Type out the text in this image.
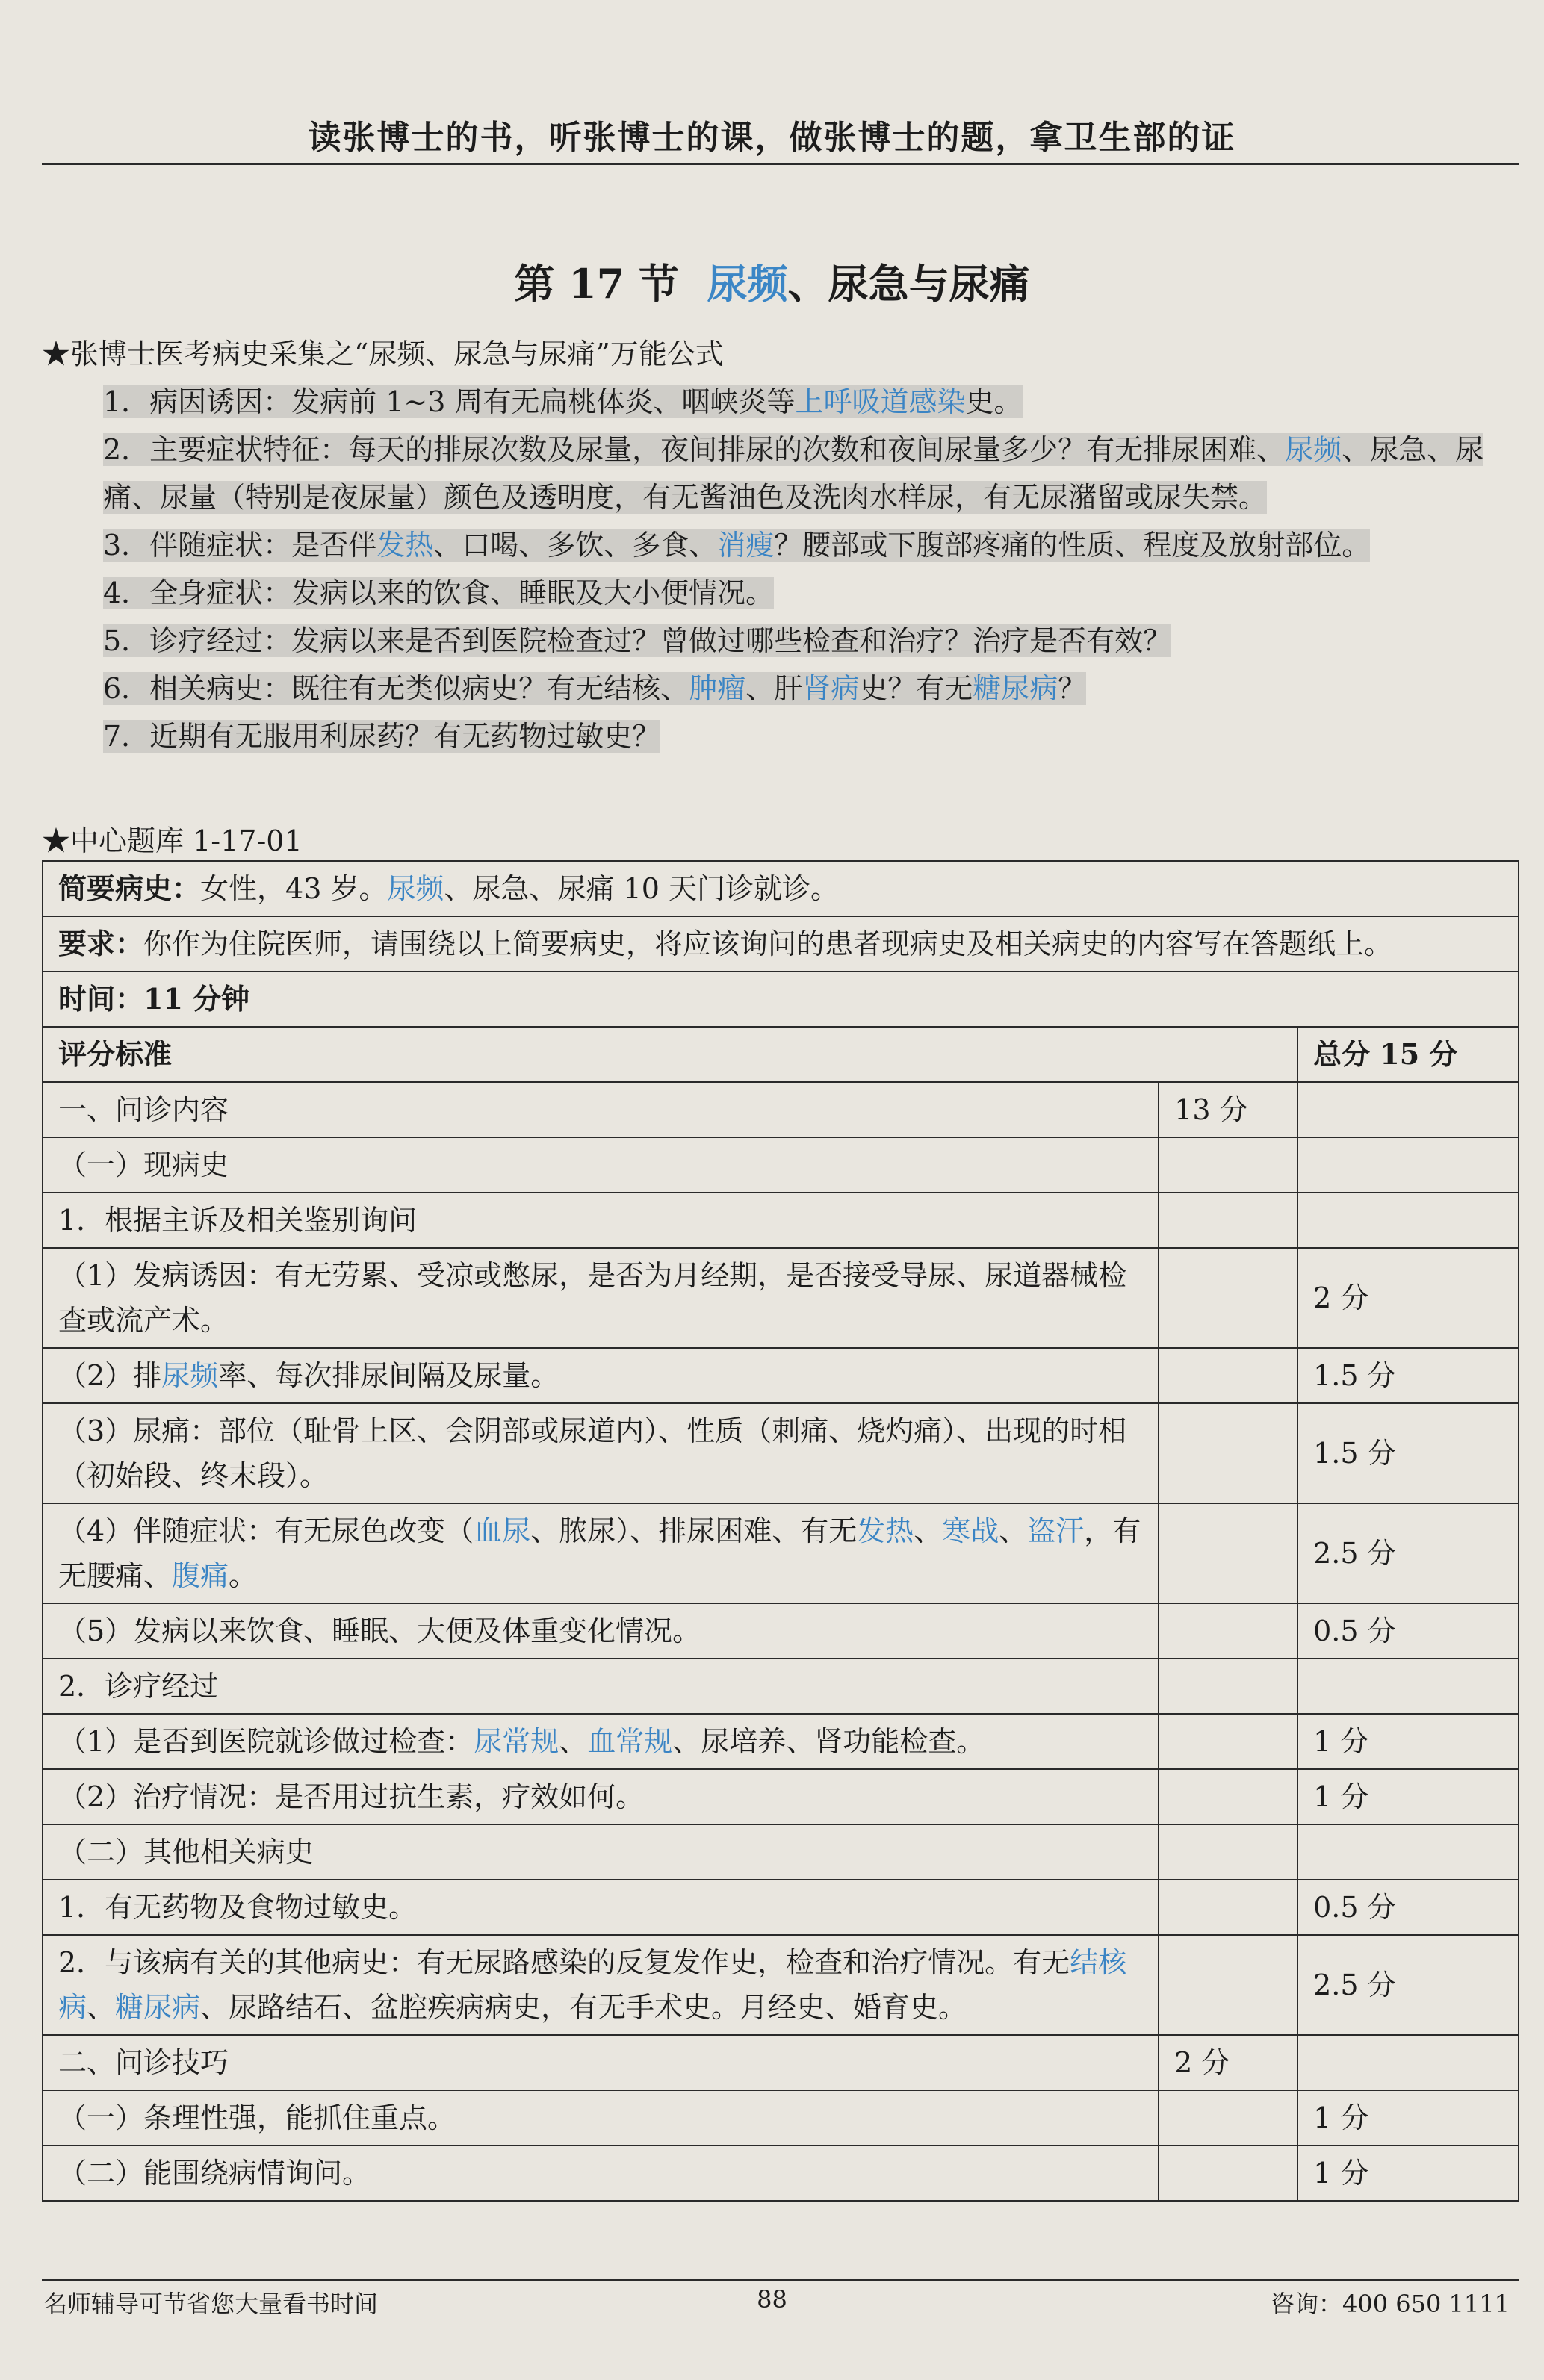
读张博士的书，听张博士的课，做张博士的题，拿卫生部的证
第 17 节 尿频、尿急与尿痛
★张博士医考病史采集之“尿频、尿急与尿痛”万能公式
1．病因诱因：发病前 1~3 周有无扁桃体炎、咽峡炎等上呼吸道感染史。
2．主要症状特征：每天的排尿次数及尿量，夜间排尿的次数和夜间尿量多少？有无排尿困难、尿频、尿急、尿痛、尿量（特别是夜尿量）颜色及透明度，有无酱油色及洗肉水样尿，有无尿潴留或尿失禁。
3．伴随症状：是否伴发热、口喝、多饮、多食、消瘦？腰部或下腹部疼痛的性质、程度及放射部位。
4．全身症状：发病以来的饮食、睡眠及大小便情况。
5．诊疗经过：发病以来是否到医院检查过？曾做过哪些检查和治疗？治疗是否有效？
6．相关病史：既往有无类似病史？有无结核、肿瘤、肝肾病史？有无糖尿病？
7．近期有无服用利尿药？有无药物过敏史？
★中心题库 1-17-01
简要病史：女性，43 岁。尿频、尿急、尿痛 10 天门诊就诊。		
要求：你作为住院医师，请围绕以上简要病史，将应该询问的患者现病史及相关病史的内容写在答题纸上。		
时间：11 分钟		
评分标准		总分 15 分
一、问诊内容	13 分	
（一）现病史		
1．根据主诉及相关鉴别询问		
（1）发病诱因：有无劳累、受凉或憋尿，是否为月经期，是否接受导尿、尿道器械检查或流产术。		2 分
（2）排尿频率、每次排尿间隔及尿量。		1.5 分
（3）尿痛：部位（耻骨上区、会阴部或尿道内）、性质（刺痛、烧灼痛）、出现的时相（初始段、终末段）。		1.5 分
（4）伴随症状：有无尿色改变（血尿、脓尿）、排尿困难、有无发热、寒战、盗汗，有无腰痛、腹痛。		2.5 分
（5）发病以来饮食、睡眠、大便及体重变化情况。		0.5 分
2．诊疗经过		
（1）是否到医院就诊做过检查：尿常规、血常规、尿培养、肾功能检查。		1 分
（2）治疗情况：是否用过抗生素，疗效如何。		1 分
（二）其他相关病史		
1．有无药物及食物过敏史。		0.5 分
2．与该病有关的其他病史：有无尿路感染的反复发作史，检查和治疗情况。有无结核病、糖尿病、尿路结石、盆腔疾病病史，有无手术史。月经史、婚育史。		2.5 分
二、问诊技巧	2 分	
（一）条理性强，能抓住重点。		1 分
（二）能围绕病情询问。		1 分
名师辅导可节省您大量看书时间	88	咨询：400 650 1111
